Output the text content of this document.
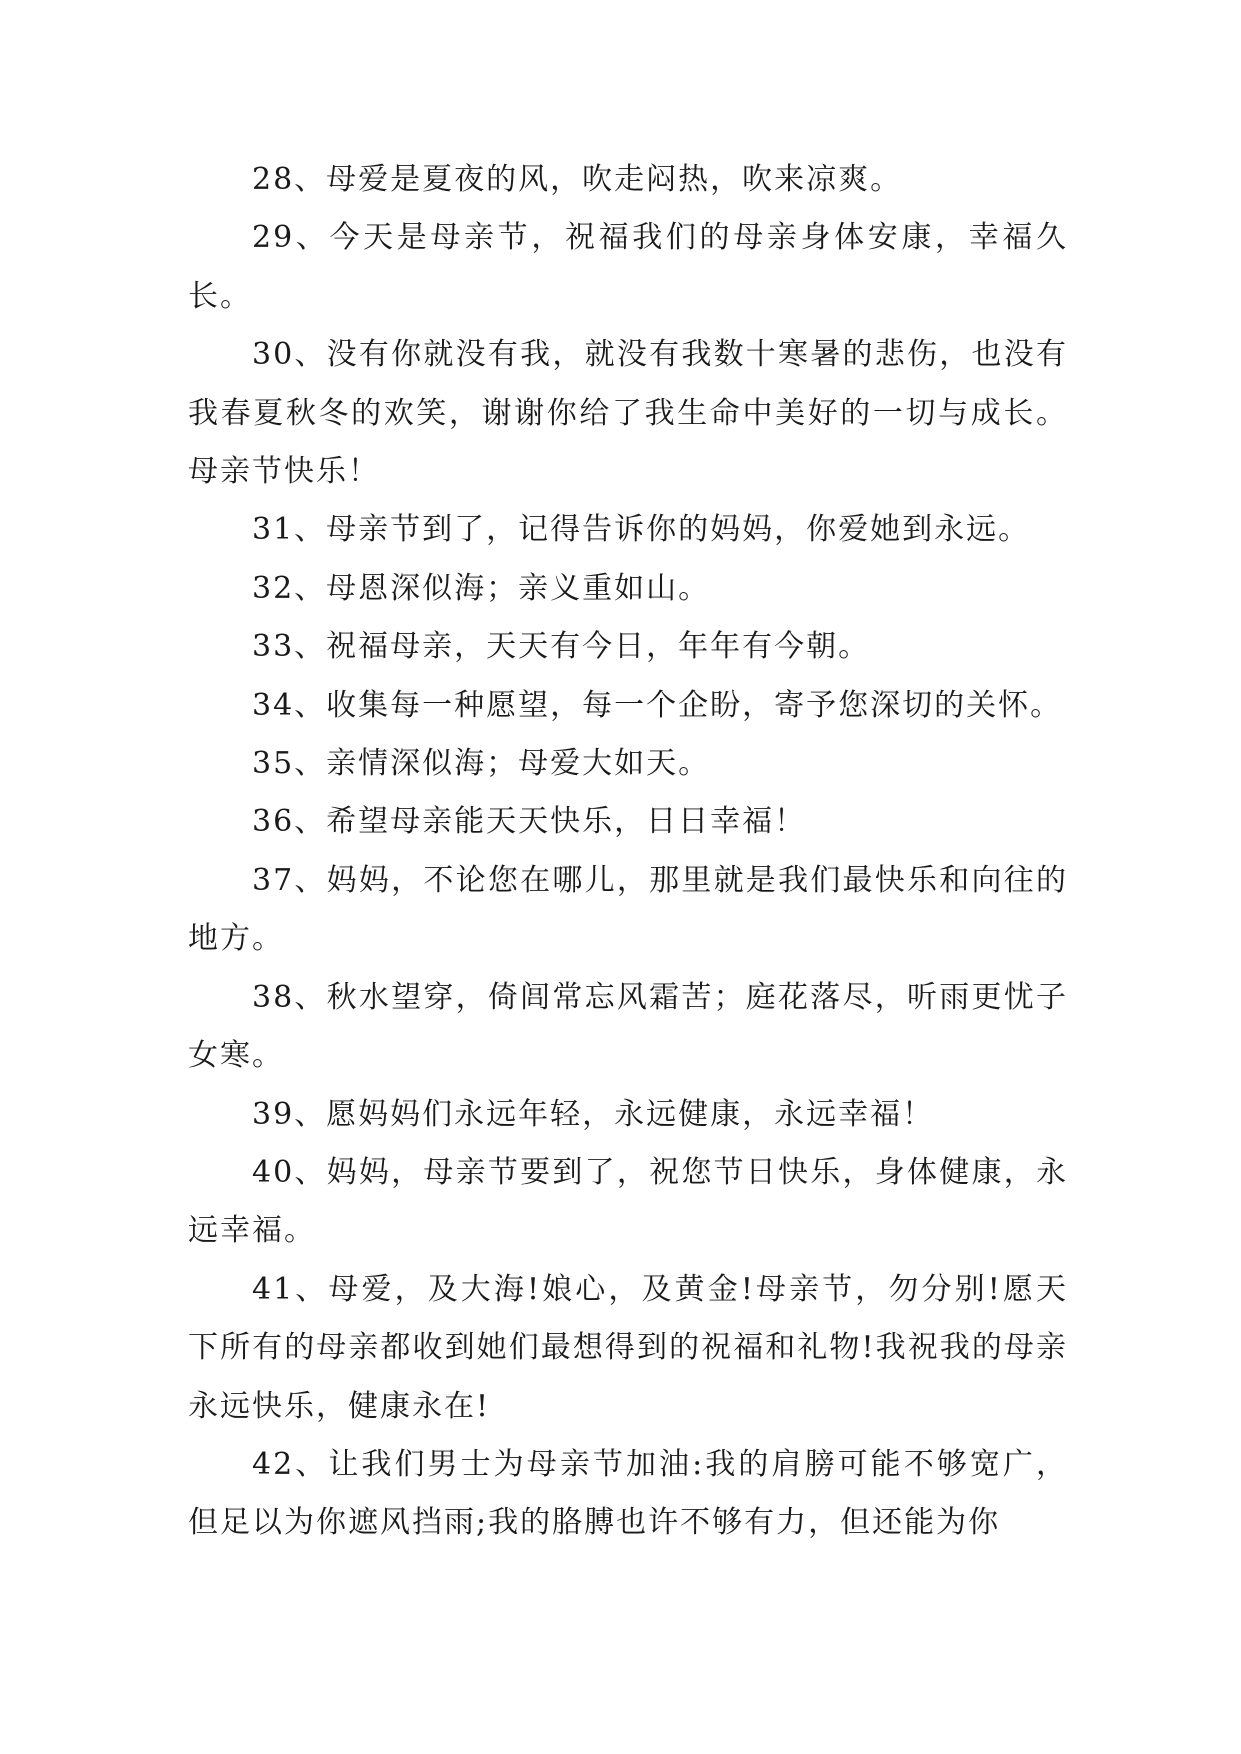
28、母爱是夏夜的风，吹走闷热，吹来凉爽。

29、今天是母亲节，祝福我们的母亲身体安康，幸福久长。

30、没有你就没有我，就没有我数十寒暑的悲伤，也没有我春夏秋冬的欢笑，谢谢你给了我生命中美好的一切与成长。母亲节快乐！

31、母亲节到了，记得告诉你的妈妈，你爱她到永远。

32、母恩深似海；亲义重如山。

33、祝福母亲，天天有今日，年年有今朝。

34、收集每一种愿望，每一个企盼，寄予您深切的关怀。

35、亲情深似海；母爱大如天。

36、希望母亲能天天快乐，日日幸福！

37、妈妈，不论您在哪儿，那里就是我们最快乐和向往的地方。

38、秋水望穿，倚闾常忘风霜苦；庭花落尽，听雨更忧子女寒。

39、愿妈妈们永远年轻，永远健康，永远幸福！

40、妈妈，母亲节要到了，祝您节日快乐，身体健康，永远幸福。

41、母爱，及大海!娘心，及黄金!母亲节，勿分别!愿天下所有的母亲都收到她们最想得到的祝福和礼物!我祝我的母亲永远快乐，健康永在!

42、让我们男士为母亲节加油:我的肩膀可能不够宽广，但足以为你遮风挡雨;我的胳膊也许不够有力，但还能为你
